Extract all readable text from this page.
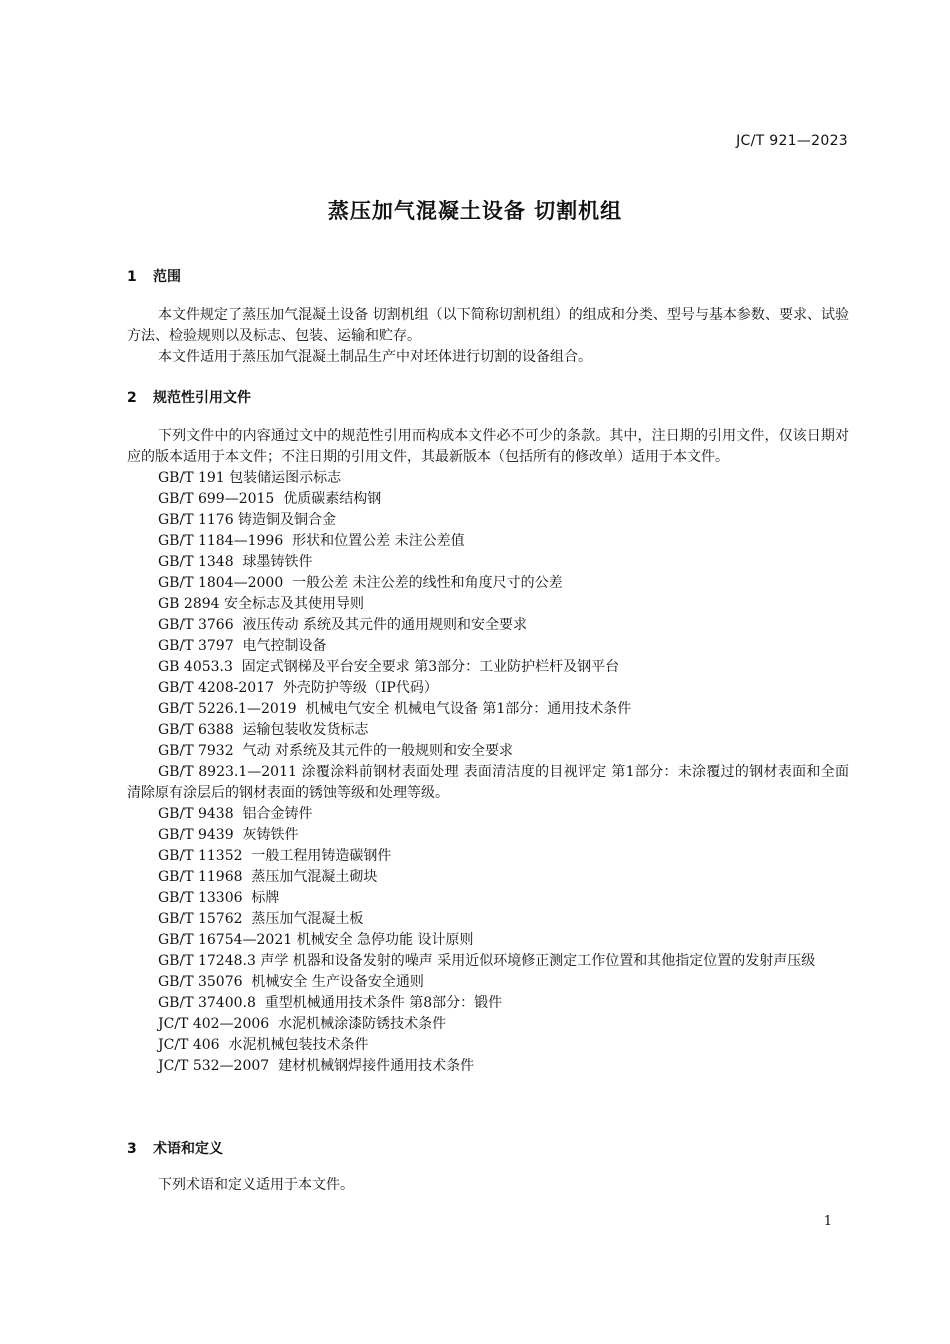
JC/T 921—2023
蒸压加气混凝土设备 切割机组
1 范围

本文件规定了蒸压加气混凝土设备 切割机组（以下简称切割机组）的组成和分类、型号与基本参数、要求、试验方法、检验规则以及标志、包装、运输和贮存。

本文件适用于蒸压加气混凝土制品生产中对坯体进行切割的设备组合。

2 规范性引用文件

下列文件中的内容通过文中的规范性引用而构成本文件必不可少的条款。其中，注日期的引用文件，仅该日期对应的版本适用于本文件；不注日期的引用文件，其最新版本（包括所有的修改单）适用于本文件。

GB/T 191 包装储运图示标志

GB/T 699—2015  优质碳素结构钢

GB/T 1176 铸造铜及铜合金

GB/T 1184—1996  形状和位置公差 未注公差值

GB/T 1348  球墨铸铁件

GB/T 1804—2000  一般公差 未注公差的线性和角度尺寸的公差

GB 2894 安全标志及其使用导则

GB/T 3766  液压传动 系统及其元件的通用规则和安全要求

GB/T 3797  电气控制设备

GB 4053.3  固定式钢梯及平台安全要求 第3部分：工业防护栏杆及钢平台

GB/T 4208-2017  外壳防护等级（IP代码）

GB/T 5226.1—2019  机械电气安全 机械电气设备 第1部分：通用技术条件

GB/T 6388  运输包装收发货标志

GB/T 7932  气动 对系统及其元件的一般规则和安全要求

GB/T 8923.1—2011 涂覆涂料前钢材表面处理 表面清洁度的目视评定 第1部分：未涂覆过的钢材表面和全面清除原有涂层后的钢材表面的锈蚀等级和处理等级。

GB/T 9438  铝合金铸件

GB/T 9439  灰铸铁件

GB/T 11352  一般工程用铸造碳钢件

GB/T 11968  蒸压加气混凝土砌块

GB/T 13306  标牌

GB/T 15762  蒸压加气混凝土板

GB/T 16754—2021 机械安全 急停功能 设计原则

GB/T 17248.3 声学 机器和设备发射的噪声 采用近似环境修正测定工作位置和其他指定位置的发射声压级

GB/T 35076  机械安全 生产设备安全通则

GB/T 37400.8  重型机械通用技术条件 第8部分：锻件

JC/T 402—2006  水泥机械涂漆防锈技术条件

JC/T 406  水泥机械包装技术条件

JC/T 532—2007  建材机械钢焊接件通用技术条件

3 术语和定义

下列术语和定义适用于本文件。

1
